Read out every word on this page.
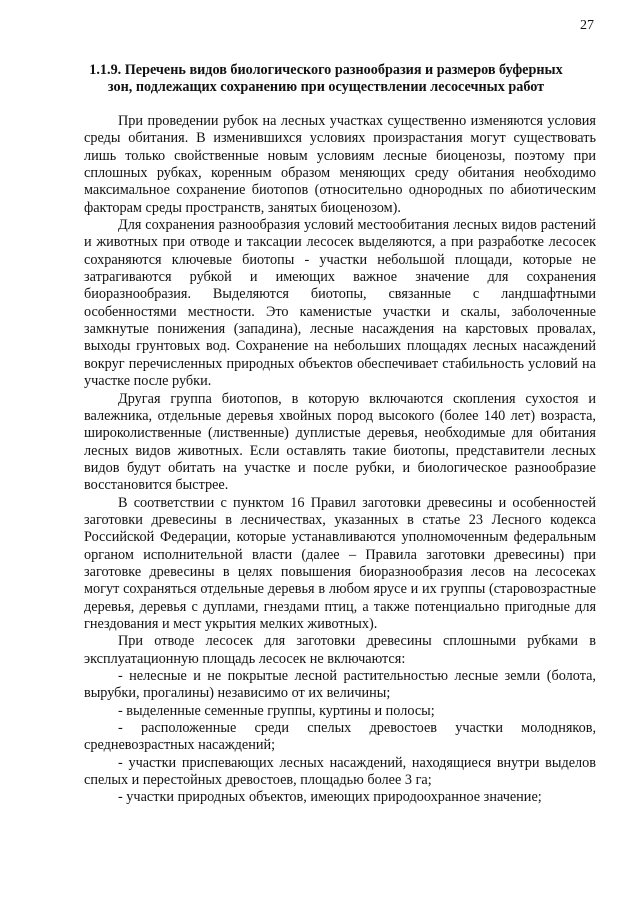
27
1.1.9. Перечень видов биологического разнообразия и размеров буферных зон, подлежащих сохранению при осуществлении лесосечных работ

При проведении рубок на лесных участках существенно изменяются условия среды обитания. В изменившихся условиях произрастания могут существовать лишь только свойственные новым условиям лесные биоценозы, поэтому при сплошных рубках, коренным образом меняющих среду обитания необходимо максимальное сохранение биотопов (относительно однородных по абиотическим факторам среды пространств, занятых биоценозом).

Для сохранения разнообразия условий местообитания лесных видов растений и животных при отводе и таксации лесосек выделяются, а при разработке лесосек сохраняются ключевые биотопы - участки небольшой площади, которые не затрагиваются рубкой и имеющих важное значение для сохранения биоразнообразия. Выделяются биотопы, связанные с ландшафтными особенностями местности. Это каменистые участки и скалы, заболоченные замкнутые понижения (западина), лесные насаждения на карстовых провалах, выходы грунтовых вод. Сохранение на небольших площадях лесных насаждений вокруг перечисленных природных объектов обеспечивает стабильность условий на участке после рубки.

Другая группа биотопов, в которую включаются скопления сухостоя и валежника, отдельные деревья хвойных пород высокого (более 140 лет) возраста, широколиственные (лиственные) дуплистые деревья, необходимые для обитания лесных видов животных. Если оставлять такие биотопы, представители лесных видов будут обитать на участке и после рубки, и биологическое разнообразие восстановится быстрее.

В соответствии с пунктом 16 Правил заготовки древесины и особенностей заготовки древесины в лесничествах, указанных в статье 23 Лесного кодекса Российской Федерации, которые устанавливаются уполномоченным федеральным органом исполнительной власти (далее – Правила заготовки древесины) при заготовке древесины в целях повышения биоразнообразия лесов на лесосеках могут сохраняться отдельные деревья в любом ярусе и их группы (старовозрастные деревья, деревья с дуплами, гнездами птиц, а также потенциально пригодные для гнездования и мест укрытия мелких животных).

При отводе лесосек для заготовки древесины сплошными рубками в эксплуатационную площадь лесосек не включаются:

- нелесные и не покрытые лесной растительностью лесные земли (болота, вырубки, прогалины) независимо от их величины;

- выделенные семенные группы, куртины и полосы;

- расположенные среди спелых древостоев участки молодняков, средневозрастных насаждений;

- участки приспевающих лесных насаждений, находящиеся внутри выделов спелых и перестойных древостоев, площадью более 3 га;

- участки природных объектов, имеющих природоохранное значение;
